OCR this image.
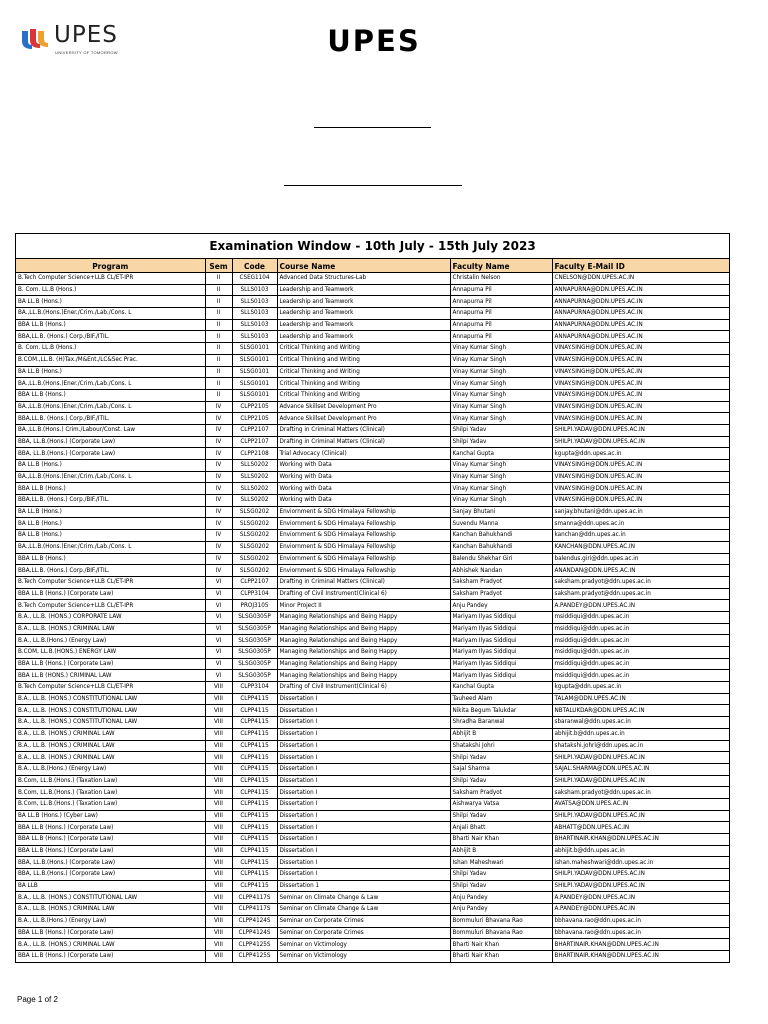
UPES
UNIVERSITY OF TOMORROW	UPES
Examination Window - 10th July - 15th July 2023
Program	Sem	Code	Course Name	Faculty Name	Faculty E-Mail ID
B.Tech Computer Science+LLB CL/ET-IPR	II	CSEG1104	Advanced Data Structures-Lab	Christalin Nelson	CNELSON@DDN.UPES.AC.IN
B. Com. LL.B (Hons.)	II	SLLS0103	Leadership and Teamwork	Annapurna Pil	ANNAPURNA@DDN.UPES.AC.IN
BA LL.B (Hons.)	II	SLLS0103	Leadership and Teamwork	Annapurna Pil	ANNAPURNA@DDN.UPES.AC.IN
BA.,LL.B.(Hons.)Ener./Crim./Lab./Cons. L	II	SLLS0103	Leadership and Teamwork	Annapurna Pil	ANNAPURNA@DDN.UPES.AC.IN
BBA LL.B (Hons.)	II	SLLS0103	Leadership and Teamwork	Annapurna Pil	ANNAPURNA@DDN.UPES.AC.IN
BBA,LL.B. (Hons.) Corp./BIF./ITIL.	II	SLLS0103	Leadership and Teamwork	Annapurna Pil	ANNAPURNA@DDN.UPES.AC.IN
B. Com. LL.B (Hons.)	II	SLSG0101	Critical Thinking and Writing	Vinay Kumar Singh	VINAY.SINGH@DDN.UPES.AC.IN
B.COM.,LL.B. (H)Tax./M&Ent./LC&Sec Prac.	II	SLSG0101	Critical Thinking and Writing	Vinay Kumar Singh	VINAY.SINGH@DDN.UPES.AC.IN
BA LL.B (Hons.)	II	SLSG0101	Critical Thinking and Writing	Vinay Kumar Singh	VINAY.SINGH@DDN.UPES.AC.IN
BA.,LL.B.(Hons.)Ener./Crim./Lab./Cons. L	II	SLSG0101	Critical Thinking and Writing	Vinay Kumar Singh	VINAY.SINGH@DDN.UPES.AC.IN
BBA LL.B (Hons.)	II	SLSG0101	Critical Thinking and Writing	Vinay Kumar Singh	VINAY.SINGH@DDN.UPES.AC.IN
BA.,LL.B.(Hons.)Ener./Crim./Lab./Cons. L	IV	CLPP2105	Advance Skillset Development Pro	Vinay Kumar Singh	VINAY.SINGH@DDN.UPES.AC.IN
BBA,LL.B. (Hons.) Corp./BIF./ITIL.	IV	CLPP2105	Advance Skillset Development Pro	Vinay Kumar Singh	VINAY.SINGH@DDN.UPES.AC.IN
BA.,LL.B.(Hons.) Crim./Labour/Const. Law	IV	CLPP2107	Drafting in Criminal Matters (Clinical)	Shilpi Yadav	SHILPI.YADAV@DDN.UPES.AC.IN
BBA, LL.B.(Hons.) (Corporate Law)	IV	CLPP2107	Drafting in Criminal Matters (Clinical)	Shilpi Yadav	SHILPI.YADAV@DDN.UPES.AC.IN
BBA, LL.B.(Hons.) (Corporate Law)	IV	CLPP2108	Trial Advocacy (Clinical)	Kanchal Gupta	kgupta@ddn.upes.ac.in
BA LL.B (Hons.)	IV	SLLS0202	Working with Data	Vinay Kumar Singh	VINAY.SINGH@DDN.UPES.AC.IN
BA.,LL.B.(Hons.)Ener./Crim./Lab./Cons. L	IV	SLLS0202	Working with Data	Vinay Kumar Singh	VINAY.SINGH@DDN.UPES.AC.IN
BBA LL.B (Hons.)	IV	SLLS0202	Working with Data	Vinay Kumar Singh	VINAY.SINGH@DDN.UPES.AC.IN
BBA,LL.B. (Hons.) Corp./BIF./ITIL.	IV	SLLS0202	Working with Data	Vinay Kumar Singh	VINAY.SINGH@DDN.UPES.AC.IN
BA LL.B (Hons.)	IV	SLSG0202	Enviornment & SDG Himalaya Fellowship	Sanjay Bhutani	sanjay.bhutani@ddn.upes.ac.in
BA LL.B (Hons.)	IV	SLSG0202	Enviornment & SDG Himalaya Fellowship	Suvendu Manna	smanna@ddn.upes.ac.in
BA LL.B (Hons.)	IV	SLSG0202	Enviornment & SDG Himalaya Fellowship	Kanchan Bahukhandi	kanchan@ddn.upes.ac.in
BA.,LL.B.(Hons.)Ener./Crim./Lab./Cons. L	IV	SLSG0202	Enviornment & SDG Himalaya Fellowship	Kanchan Bahukhandi	KANCHAN@DDN.UPES.AC.IN
BBA LL.B (Hons.)	IV	SLSG0202	Enviornment & SDG Himalaya Fellowship	Balendu Shekhar Giri	balendus.giri@ddn.upes.ac.in
BBA,LL.B. (Hons.) Corp./BIF./ITIL.	IV	SLSG0202	Enviornment & SDG Himalaya Fellowship	Abhishek Nandan	ANANDAN@DDN.UPES.AC.IN
B.Tech Computer Science+LLB CL/ET-IPR	VI	CLPP2107	Drafting in Criminal Matters (Clinical)	Saksham Pradyot	saksham.pradyot@ddn.upes.ac.in
BBA LL.B (Hons.) (Corporate Law)	VI	CLPP3104	Drafting of Civil Instrument(Clinical 6)	Saksham Pradyot	saksham.pradyot@ddn.upes.ac.in
B.Tech Computer Science+LLB CL/ET-IPR	VI	PROJ3105	Minor Project II	Anju Pandey	A.PANDEY@DDN.UPES.AC.IN
B.A., LL.B. (HONS.) CORPORATE LAW	VI	SLSG0305P	Managing Relationships and Being Happy	Mariyam Ilyas Siddiqui	msiddiqui@ddn.upes.ac.in
B.A., LL.B. (HONS.) CRIMINAL LAW	VI	SLSG0305P	Managing Relationships and Being Happy	Mariyam Ilyas Siddiqui	msiddiqui@ddn.upes.ac.in
B.A., LL.B.(Hons.) (Energy Law)	VI	SLSG0305P	Managing Relationships and Being Happy	Mariyam Ilyas Siddiqui	msiddiqui@ddn.upes.ac.in
B.COM, LL.B.(HONS.) ENERGY LAW	VI	SLSG0305P	Managing Relationships and Being Happy	Mariyam Ilyas Siddiqui	msiddiqui@ddn.upes.ac.in
BBA LL.B (Hons.) (Corporate Law)	VI	SLSG0305P	Managing Relationships and Being Happy	Mariyam Ilyas Siddiqui	msiddiqui@ddn.upes.ac.in
BBA LL.B (HONS.) CRIMINAL LAW	VI	SLSG0305P	Managing Relationships and Being Happy	Mariyam Ilyas Siddiqui	msiddiqui@ddn.upes.ac.in
B.Tech Computer Science+LLB CL/ET-IPR	VIII	CLPP3104	Drafting of Civil Instrument(Clinical 6)	Kanchal Gupta	kgupta@ddn.upes.ac.in
B.A., LL.B. (HONS.) CONSTITUTIONAL LAW	VIII	CLPP4115	Dissertation I	Tauheed Alam	TALAM@DDN.UPES.AC.IN
B.A., LL.B. (HONS.) CONSTITUTIONAL LAW	VIII	CLPP4115	Dissertation I	Nikita Begum Talukdar	NBTALUKDAR@DDN.UPES.AC.IN
B.A., LL.B. (HONS.) CONSTITUTIONAL LAW	VIII	CLPP4115	Dissertation I	Shradha Baranwal	sbaranwal@ddn.upes.ac.in
B.A., LL.B. (HONS.) CRIMINAL LAW	VIII	CLPP4115	Dissertation I	Abhijit B	abhijit.b@ddn.upes.ac.in
B.A., LL.B. (HONS.) CRIMINAL LAW	VIII	CLPP4115	Dissertation I	Shatakshi Johri	shatakshi.johri@ddn.upes.ac.in
B.A., LL.B. (HONS.) CRIMINAL LAW	VIII	CLPP4115	Dissertation I	Shilpi Yadav	SHILPI.YADAV@DDN.UPES.AC.IN
B.A., LL.B.(Hons.) (Energy Law)	VIII	CLPP4115	Dissertation I	Sajal Sharma	SAJAL.SHARMA@DDN.UPES.AC.IN
B.Com, LL.B.(Hons.) (Taxation Law)	VIII	CLPP4115	Dissertation I	Shilpi Yadav	SHILPI.YADAV@DDN.UPES.AC.IN
B.Com, LL.B.(Hons.) (Taxation Law)	VIII	CLPP4115	Dissertation I	Saksham Pradyot	saksham.pradyot@ddn.upes.ac.in
B.Com, LL.B.(Hons.) (Taxation Law)	VIII	CLPP4115	Dissertation I	Aishwarya Vatsa	AVATSA@DDN.UPES.AC.IN
BA LL.B (Hons.) (Cyber Law)	VIII	CLPP4115	Dissertation I	Shilpi Yadav	SHILPI.YADAV@DDN.UPES.AC.IN
BBA LL.B (Hons.) (Corporate Law)	VIII	CLPP4115	Dissertation I	Anjali Bhatt	ABHATT@DDN.UPES.AC.IN
BBA LL.B (Hons.) (Corporate Law)	VIII	CLPP4115	Dissertation I	Bharti Nair Khan	BHARTINAIR.KHAN@DDN.UPES.AC.IN
BBA LL.B (Hons.) (Corporate Law)	VIII	CLPP4115	Dissertation I	Abhijit B	abhijit.b@ddn.upes.ac.in
BBA, LL.B.(Hons.) (Corporate Law)	VIII	CLPP4115	Dissertation I	Ishan Maheshwari	ishan.maheshwari@ddn.upes.ac.in
BBA, LL.B.(Hons.) (Corporate Law)	VIII	CLPP4115	Dissertation I	Shilpi Yadav	SHILPI.YADAV@DDN.UPES.AC.IN
BA LLB	VIII	CLPP4115	Dissertation 1	Shilpi Yadav	SHILPI.YADAV@DDN.UPES.AC.IN
B.A., LL.B. (HONS.) CONSTITUTIONAL LAW	VIII	CLPP4117S	Seminar on Climate Change & Law	Anju Pandey	A.PANDEY@DDN.UPES.AC.IN
B.A., LL.B. (HONS.) CRIMINAL LAW	VIII	CLPP4117S	Seminar on Climate Change & Law	Anju Pandey	A.PANDEY@DDN.UPES.AC.IN
B.A., LL.B.(Hons.) (Energy Law)	VIII	CLPP4124S	Seminar on Corporate Crimes	Bommuluri Bhavana Rao	bbhavana.rao@ddn.upes.ac.in
BBA LL.B (Hons.) (Corporate Law)	VIII	CLPP4124S	Seminar on Corporate Crimes	Bommuluri Bhavana Rao	bbhavana.rao@ddn.upes.ac.in
B.A., LL.B. (HONS.) CRIMINAL LAW	VIII	CLPP4125S	Seminar on Victimology	Bharti Nair Khan	BHARTINAIR.KHAN@DDN.UPES.AC.IN
BBA LL.B (Hons.) (Corporate Law)	VIII	CLPP4125S	Seminar on Victimology	Bharti Nair Khan	BHARTINAIR.KHAN@DDN.UPES.AC.IN
Page 1 of 2
